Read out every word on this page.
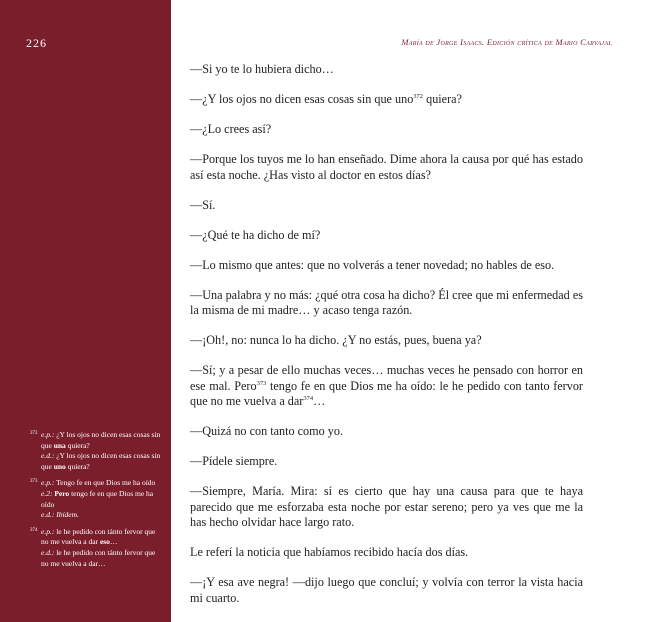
226
372 e.p.: ¿Y los ojos no dicen esas cosas sin
que una quiera?
e.d.: ¿Y los ojos no dicen esas cosas sin
que uno quiera?
373 e.p.: Tengo fe en que Dios me ha oído
e.2: Pero tengo fe en que Dios me ha
oído
e.d.: Ibídem.
374 e.p.: le he pedido con tánto fervor que
no me vuelva a dar eso…
e.d.: le he pedido con tánto fervor que
no me vuelva a dar…
María de Jorge Isaacs. Edición crítica de Mario Carvajal

—Si yo te lo hubiera dicho…

—¿Y los ojos no dicen esas cosas sin que uno$^{372}$ quiera?

—¿Lo crees así?

—Porque los tuyos me lo han enseñado. Dime ahora la causa por qué has estado así esta noche. ¿Has visto al doctor en estos días?

—Sí.

—¿Qué te ha dicho de mí?

—Lo mismo que antes: que no volverás a tener novedad; no hables de eso.

—Una palabra y no más: ¿qué otra cosa ha dicho? Él cree que mi enfermedad es la misma de mi madre… y acaso tenga razón.

—¡Oh!, no: nunca lo ha dicho. ¿Y no estás, pues, buena ya?

—Sí; y a pesar de ello muchas veces… muchas veces he pensado con horror en ese mal. Pero$^{373}$ tengo fe en que Dios me ha oído: le he pedido con tanto fervor que no me vuelva a dar$^{374}$…

—Quizá no con tanto como yo.

—Pídele siempre.

—Siempre, María. Mira: sí es cierto que hay una causa para que te haya parecido que me esforzaba esta noche por estar sereno; pero ya ves que me la has hecho olvidar hace largo rato.

Le referí la noticia que habíamos recibido hacía dos días.

—¡Y esa ave negra! —dijo luego que concluí; y volvía con terror la vista hacia mi cuarto.
